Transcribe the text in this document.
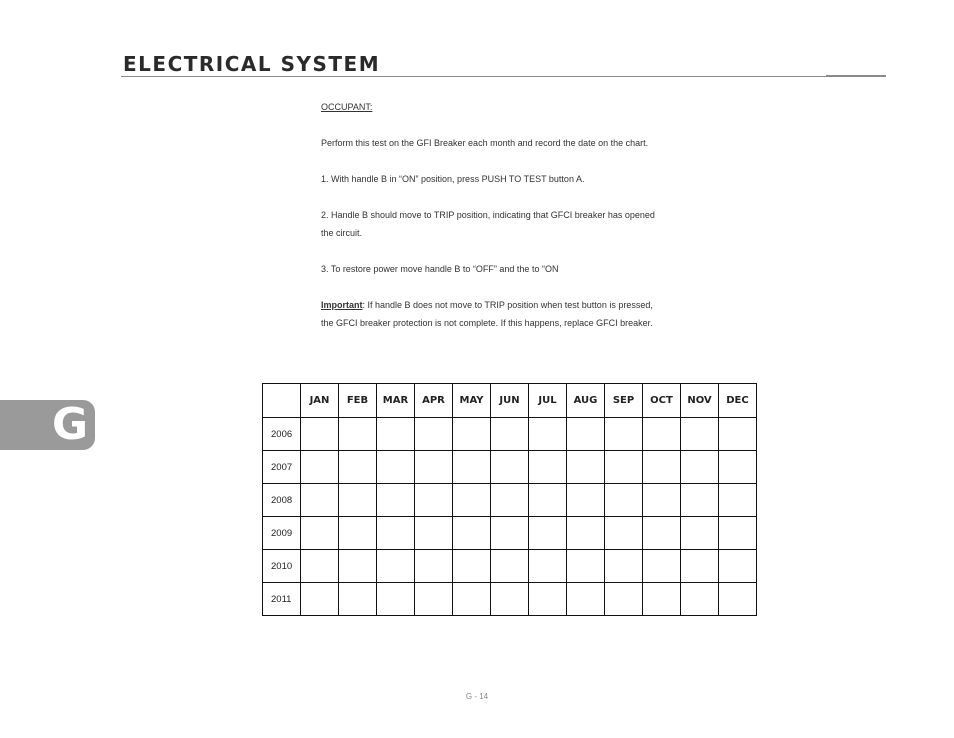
ELECTRICAL SYSTEM

OCCUPANT:

Perform this test on the GFI Breaker each month and record the date on the chart.

1. With handle B in “ON” position, press PUSH TO TEST button A.

2. Handle B should move to TRIP position, indicating that GFCI breaker has opened

the circuit.

3. To restore power move handle B to “OFF” and the to “ON

Important: If handle B does not move to TRIP position when test button is pressed,

the GFCI breaker protection is not complete. If this happens, replace GFCI breaker.

G
		JAN	FEB	MAR	APR	MAY	JUN	JUL	AUG	SEP	OCT	NOV	DEC
2006												
2007												
2008												
2009												
2010												
2011												
G - 14
